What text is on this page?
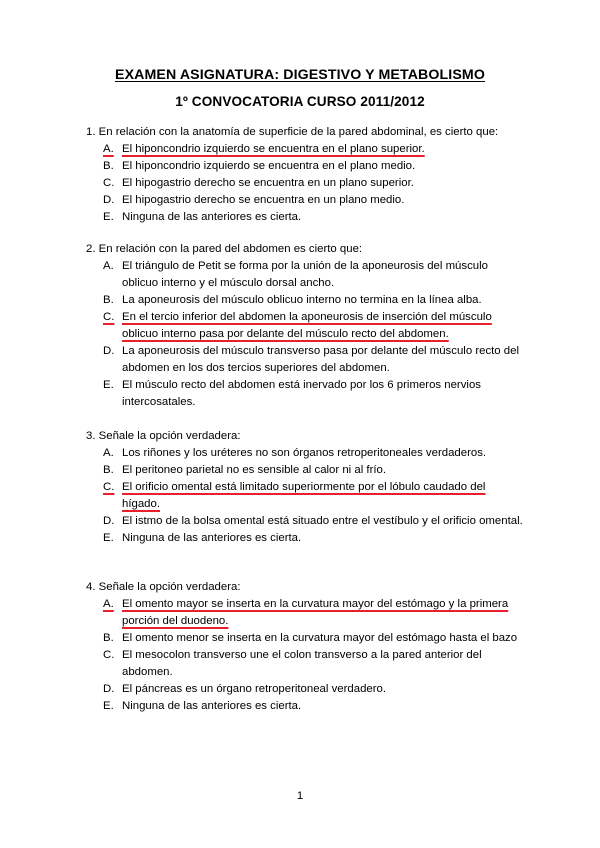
EXAMEN ASIGNATURA: DIGESTIVO Y METABOLISMO
1º CONVOCATORIA CURSO 2011/2012
1. En relación con la anatomía de superficie de la pared abdominal, es cierto que:
A. El hiponcondrio izquierdo se encuentra en el plano superior.
B. El hiponcondrio izquierdo se encuentra en el plano medio.
C. El hipogastrio derecho se encuentra en un plano superior.
D. El hipogastrio derecho se encuentra en un plano medio.
E. Ninguna de las anteriores es cierta.
2. En relación con la pared del abdomen es cierto que:
A. El triángulo de Petit se forma por la unión de la aponeurosis del músculo oblicuo interno y el músculo dorsal ancho.
B. La aponeurosis del músculo oblicuo interno no termina en la línea alba.
C. En el tercio inferior del abdomen la aponeurosis de inserción del músculo oblicuo interno pasa por delante del músculo recto del abdomen.
D. La aponeurosis del músculo transverso pasa por delante del músculo recto del abdomen en los dos tercios superiores del abdomen.
E. El músculo recto del abdomen está inervado por los 6 primeros nervios intercosatales.
3. Señale la opción verdadera:
A. Los riñones y los uréteres no son órganos retroperitoneales verdaderos.
B. El peritoneo parietal no es sensible al calor ni al frío.
C. El orificio omental está limitado superiormente por el lóbulo caudado del hígado.
D. El istmo de la bolsa omental está situado entre el vestíbulo y el orificio omental.
E. Ninguna de las anteriores es cierta.
4. Señale la opción verdadera:
A. El omento mayor se inserta en la curvatura mayor del estómago y la primera porción del duodeno.
B. El omento menor se inserta en la curvatura mayor del estómago hasta el bazo
C. El mesocolon transverso une el colon transverso a la pared anterior del abdomen.
D. El páncreas es un órgano retroperitoneal verdadero.
E. Ninguna de las anteriores es cierta.
1
